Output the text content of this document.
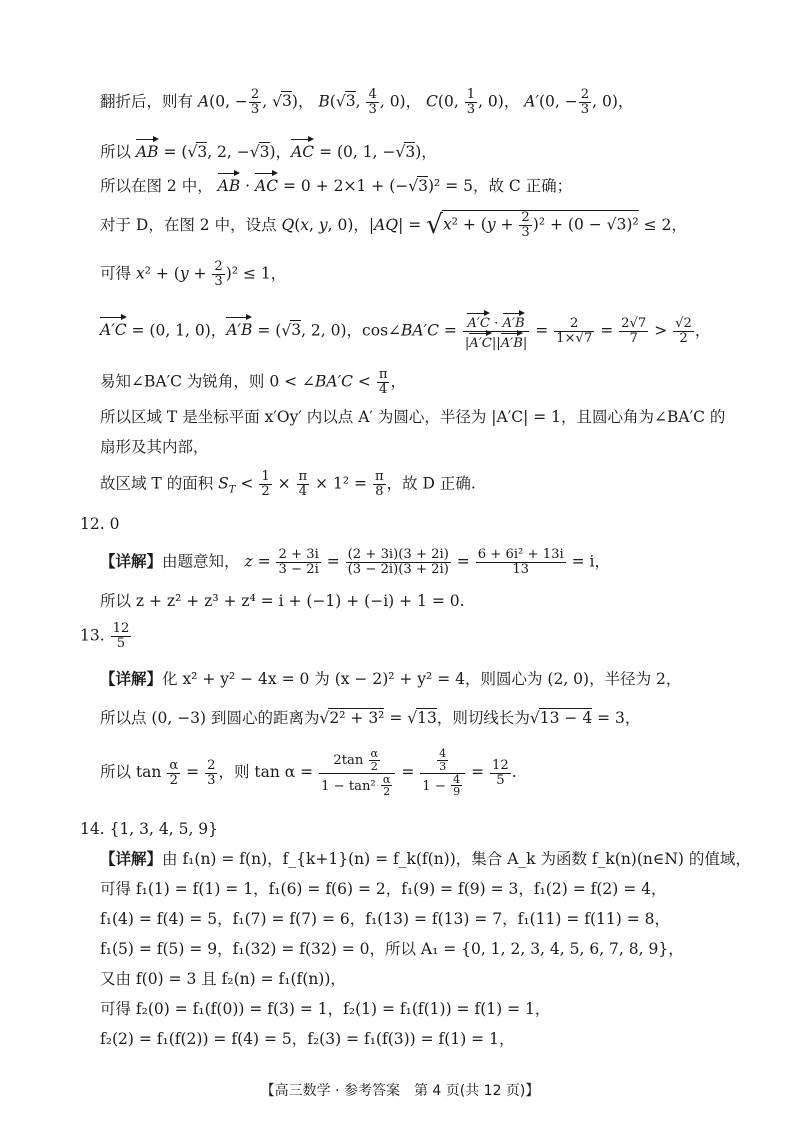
翻折后，则有 A(0, − $\frac{2}{3}$ , √3)， B(√3, $\frac{4}{3}$ , 0)， C(0, $\frac{1}{3}$ , 0)， A′(0, − $\frac{2}{3}$ , 0)，
所以 AB = (√3, 2, −√3)，AC = (0, 1, −√3)，
所以在图 2 中， AB · AC = 0 + 2×1 + (−√3)² = 5，故 C 正确；
对于 D，在图 2 中，设点 Q(x, y, 0)，$|AQ| = √x^2 + (y + \frac{2}{3} )^2 + (0 - √3)^2 \le 2$，
可得 $x^2 + (y + \frac{2}{3} )^2 \le 1$，
A′C = (0, 1, 0)，A′B = (√3, 2, 0)，cos∠BA′C = $\frac{A'C \cdot A'B}{|A'C||A'B|} = \frac{2}{1\times√7} = \frac{2√7}{7} > \frac{√2}{2}$ ，
易知∠BA′C 为锐角，则 0 < ∠BA′C < $\frac{\pi}{4}$ ，
所以区域 T 是坐标平面 x′Oy′ 内以点 A′ 为圆心，半径为 |A′C| = 1，且圆心角为∠BA′C 的
扇形及其内部，
故区域 T 的面积 $S_T < \frac{1}{2} \times \frac{\pi}{4} \times 1^2 = \frac{\pi}{8}$ ，故 D 正确.
12. 0
【详解】由题意知， $z = \frac{2 + 3i}{3 - 2i} = \frac{(2 + 3i)(3 + 2i)}{(3 - 2i)(3 + 2i)} = \frac{\text{6 + 6i² + 13i}}{13} = i$，
所以 z + z² + z³ + z⁴ = i + (−1) + (−i) + 1 = 0.
13. $\frac{12}{5}$
【详解】化 x² + y² − 4x = 0 为 (x − 2)² + y² = 4，则圆心为 (2, 0)，半径为 2，
所以点 (0, −3) 到圆心的距离为√2² + 3² = √13，则切线长为√13 − 4 = 3，
所以 $\tan \frac{\alpha}{2} = \frac{2}{3}$ ，则 $\tan \alpha = \frac{2\tan \frac{\alpha}{2}}{1 - \tan^2 \frac{\alpha}{2}} = \frac{\frac{4}{3}}{1 - \frac{4}{9}} = \frac{12}{5}$ .
14. {1, 3, 4, 5, 9}
【详解】由 f₁(n) = f(n)，f_{k+1}(n) = f_k(f(n))，集合 A_k 为函数 f_k(n)(n∈N) 的值域，
可得 f₁(1) = f(1) = 1，f₁(6) = f(6) = 2，f₁(9) = f(9) = 3，f₁(2) = f(2) = 4，
f₁(4) = f(4) = 5，f₁(7) = f(7) = 6，f₁(13) = f(13) = 7，f₁(11) = f(11) = 8，
f₁(5) = f(5) = 9，f₁(32) = f(32) = 0，所以 A₁ = {0, 1, 2, 3, 4, 5, 6, 7, 8, 9}，
又由 f(0) = 3 且 f₂(n) = f₁(f(n))，
可得 f₂(0) = f₁(f(0)) = f(3) = 1，f₂(1) = f₁(f(1)) = f(1) = 1，
f₂(2) = f₁(f(2)) = f(4) = 5，f₂(3) = f₁(f(3)) = f(1) = 1，
【高三数学 · 参考答案　第 4 页(共 12 页)】
